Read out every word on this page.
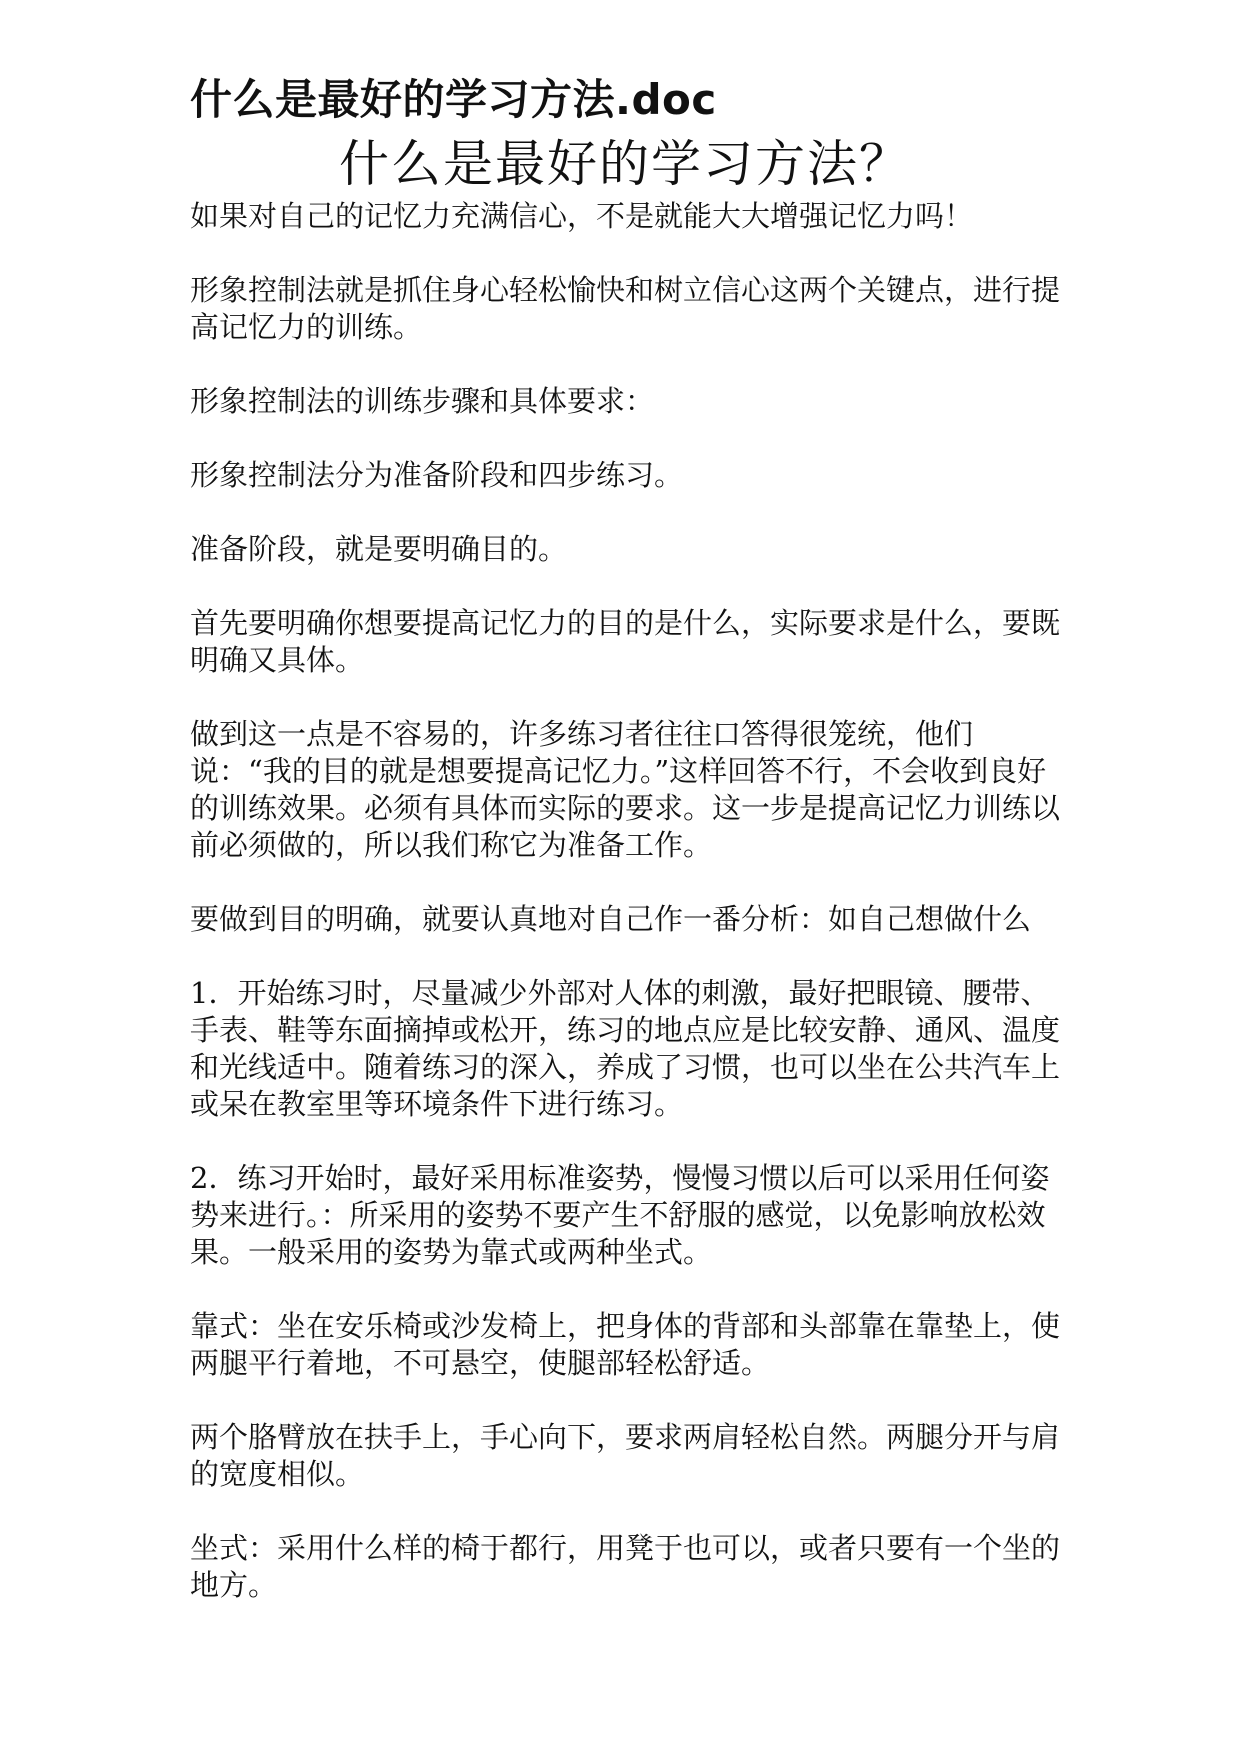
什么是最好的学习方法.doc
什么是最好的学习方法？

如果对自己的记忆力充满信心，不是就能大大增强记忆力吗！

形象控制法就是抓住身心轻松愉快和树立信心这两个关键点，进行提高记忆力的训练。

形象控制法的训练步骤和具体要求：

形象控制法分为准备阶段和四步练习。

准备阶段，就是要明确目的。

首先要明确你想要提高记忆力的目的是什么，实际要求是什么，要既明确又具体。

做到这一点是不容易的，许多练习者往往口答得很笼统，他们说：“我的目的就是想要提高记忆力。”这样回答不行，不会收到良好的训练效果。必须有具体而实际的要求。这一步是提高记忆力训练以前必须做的，所以我们称它为准备工作。

要做到目的明确，就要认真地对自己作一番分析：如自己想做什么

1．开始练习时，尽量减少外部对人体的刺激，最好把眼镜、腰带、手表、鞋等东面摘掉或松开，练习的地点应是比较安静、通风、温度和光线适中。随着练习的深入，养成了习惯，也可以坐在公共汽车上或呆在教室里等环境条件下进行练习。

2．练习开始时，最好采用标准姿势，慢慢习惯以后可以采用任何姿势来进行。：所采用的姿势不要产生不舒服的感觉，以免影响放松效果。一般采用的姿势为靠式或两种坐式。

靠式：坐在安乐椅或沙发椅上，把身体的背部和头部靠在靠垫上，使两腿平行着地，不可悬空，使腿部轻松舒适。

两个胳臂放在扶手上，手心向下，要求两肩轻松自然。两腿分开与肩的宽度相似。

坐式：采用什么样的椅于都行，用凳于也可以，或者只要有一个坐的地方。
